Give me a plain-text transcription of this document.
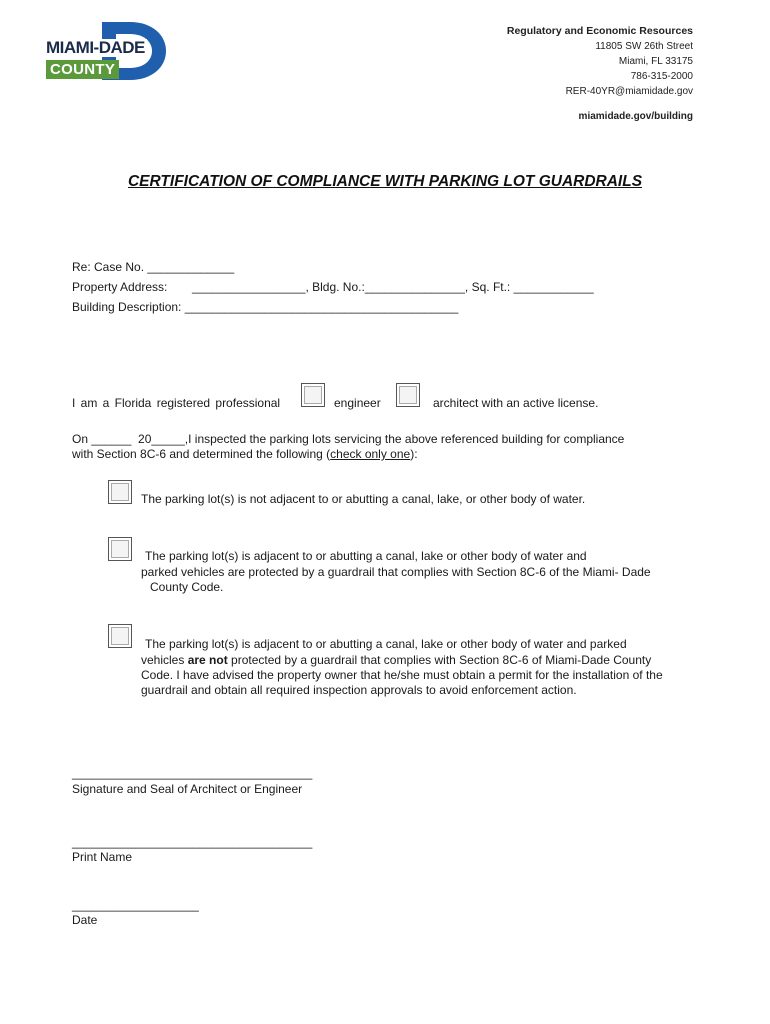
MIAMI-DADE
COUNTY
Regulatory and Economic Resources
11805 SW 26th Street
Miami, FL 33175
786-315-2000
RER-40YR@miamidade.gov
miamidade.gov/building
CERTIFICATION OF COMPLIANCE WITH PARKING LOT GUARDRAILS
Re: Case No. _____________
Property Address: _________________, Bldg. No.:_______________, Sq. Ft.: ____________
Building Description: _________________________________________
I am a Florida registered professional	engineer	architect with an active license.
On ______  20_____,I inspected the parking lots servicing the above referenced building for compliance
with Section 8C-6 and determined the following (check only one):
The parking lot(s) is not adjacent to or abutting a canal, lake, or other body of water.
The parking lot(s) is adjacent to or abutting a canal, lake or other body of water and
parked vehicles are protected by a guardrail that complies with Section 8C-6 of the Miami- Dade
County Code.
The parking lot(s) is adjacent to or abutting a canal, lake or other body of water and parked
vehicles are not protected by a guardrail that complies with Section 8C-6 of Miami-Dade County
Code. I have advised the property owner that he/she must obtain a permit for the installation of the
guardrail and obtain all required inspection approvals to avoid enforcement action.
____________________________________
Signature and Seal of Architect or Engineer
____________________________________
Print Name
___________________
Date
